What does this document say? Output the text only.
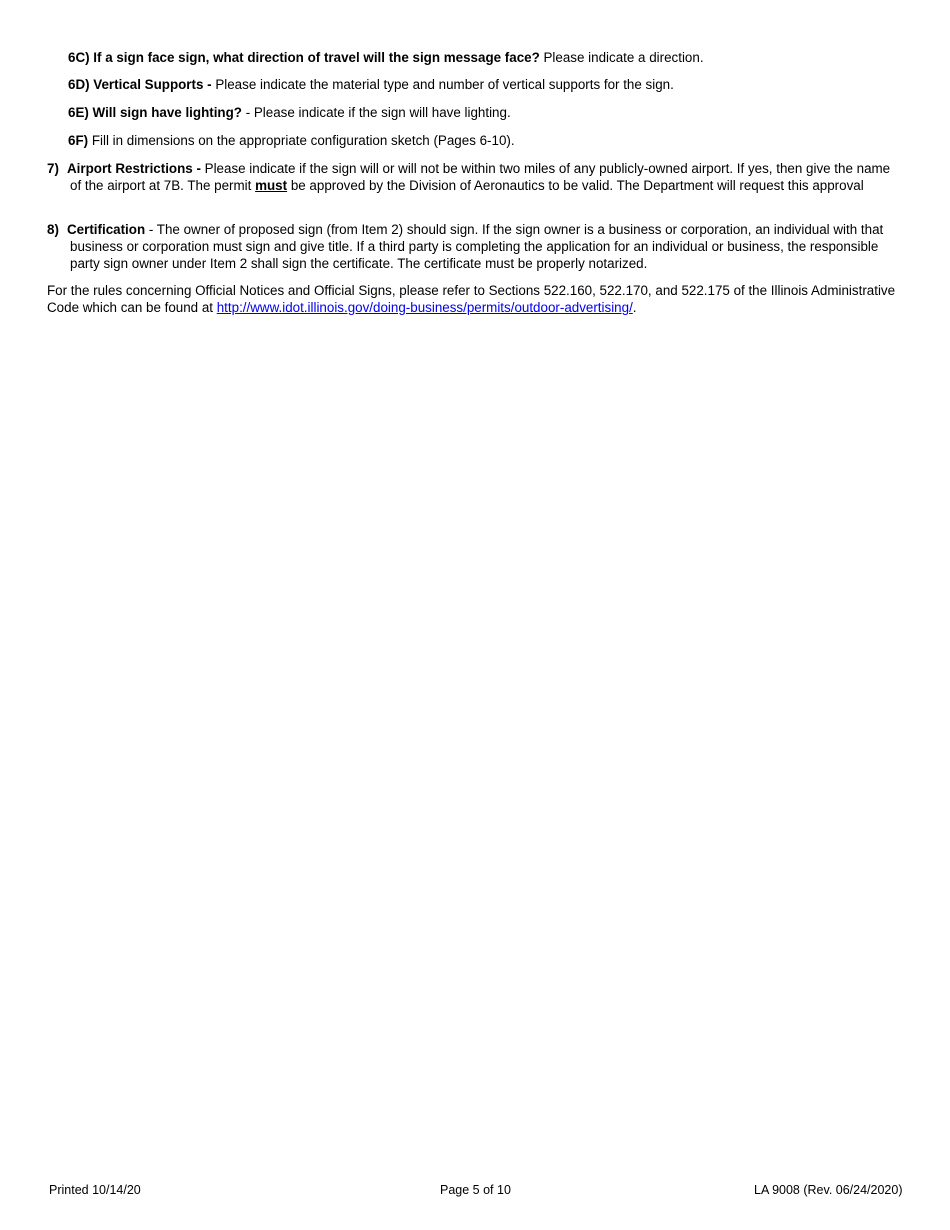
6C) If a sign face sign, what direction of travel will the sign message face? Please indicate a direction.
6D) Vertical Supports - Please indicate the material type and number of vertical supports for the sign.
6E) Will sign have lighting? - Please indicate if the sign will have lighting.
6F) Fill in dimensions on the appropriate configuration sketch (Pages 6-10).
7) Airport Restrictions - Please indicate if the sign will or will not be within two miles of any publicly-owned airport. If yes, then give the name of the airport at 7B. The permit must be approved by the Division of Aeronautics to be valid. The Department will request this approval
8) Certification - The owner of proposed sign (from Item 2) should sign. If the sign owner is a business or corporation, an individual with that business or corporation must sign and give title. If a third party is completing the application for an individual or business, the responsible party sign owner under Item 2 shall sign the certificate. The certificate must be properly notarized.
For the rules concerning Official Notices and Official Signs, please refer to Sections 522.160, 522.170, and 522.175 of the Illinois Administrative Code which can be found at http://www.idot.illinois.gov/doing-business/permits/outdoor-advertising/.
Printed 10/14/20	Page 5 of 10	LA 9008 (Rev. 06/24/2020)
